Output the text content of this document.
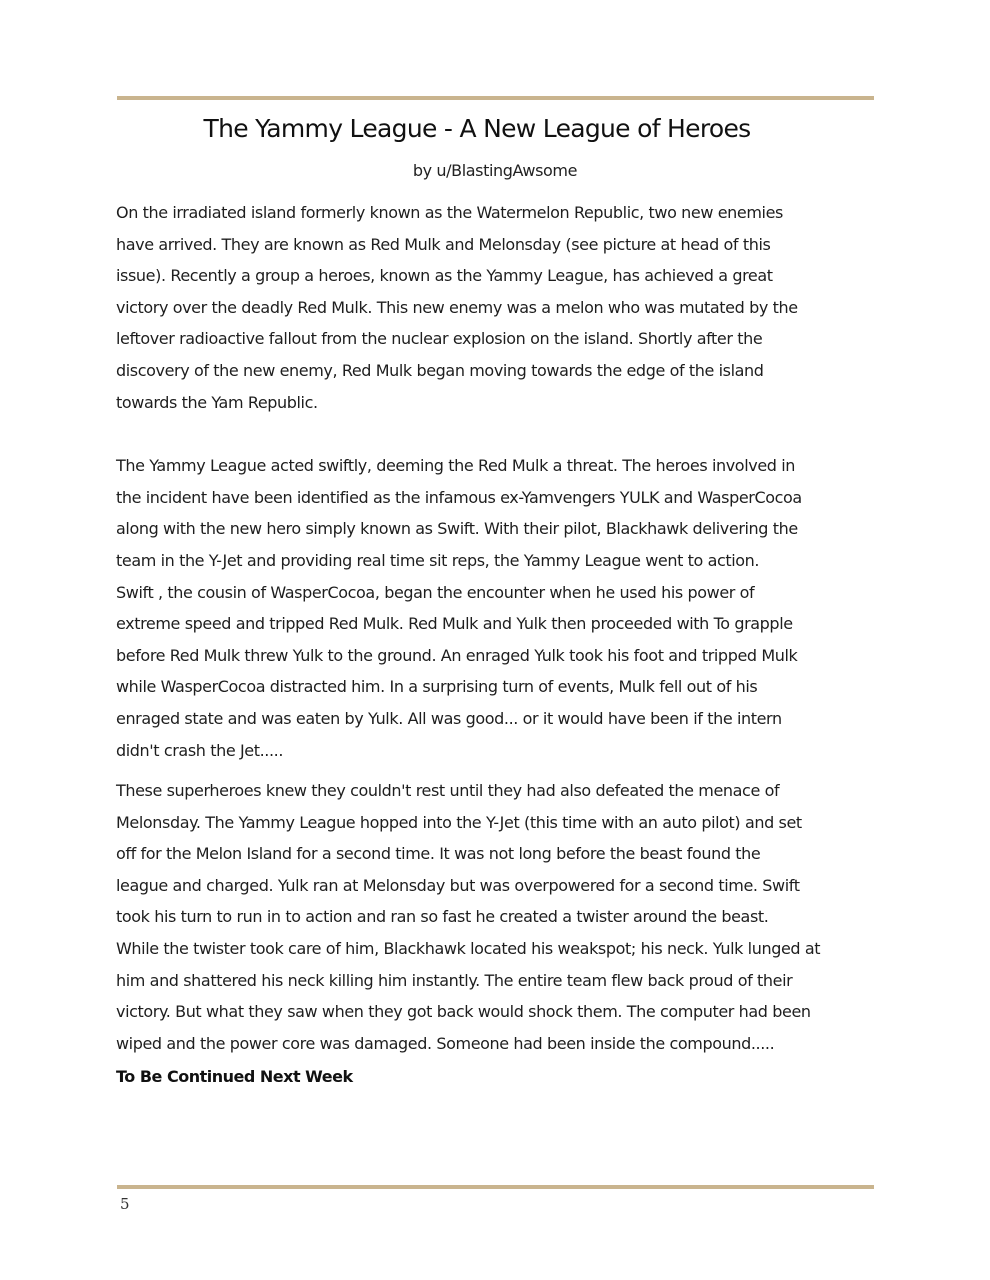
The Yammy League - A New League of Heroes

by u/BlastingAwsome

On the irradiated island formerly known as the Watermelon Republic, two new enemies
have arrived. They are known as Red Mulk and Melonsday (see picture at head of this
issue). Recently a group a heroes, known as the Yammy League, has achieved a great
victory over the deadly Red Mulk. This new enemy was a melon who was mutated by the
leftover radioactive fallout from the nuclear explosion on the island. Shortly after the
discovery of the new enemy, Red Mulk began moving towards the edge of the island
towards the Yam Republic.
The Yammy League acted swiftly, deeming the Red Mulk a threat. The heroes involved in
the incident have been identified as the infamous ex-Yamvengers YULK and WasperCocoa
along with the new hero simply known as Swift. With their pilot, Blackhawk delivering the
team in the Y-Jet and providing real time sit reps, the Yammy League went to action.
Swift , the cousin of WasperCocoa, began the encounter when he used his power of
extreme speed and tripped Red Mulk. Red Mulk and Yulk then proceeded with To grapple
before Red Mulk threw Yulk to the ground. An enraged Yulk took his foot and tripped Mulk
while WasperCocoa distracted him. In a surprising turn of events, Mulk fell out of his
enraged state and was eaten by Yulk. All was good... or it would have been if the intern
didn't crash the Jet.....
These superheroes knew they couldn't rest until they had also defeated the menace of
Melonsday. The Yammy League hopped into the Y-Jet (this time with an auto pilot) and set
off for the Melon Island for a second time. It was not long before the beast found the
league and charged. Yulk ran at Melonsday but was overpowered for a second time. Swift
took his turn to run in to action and ran so fast he created a twister around the beast.
While the twister took care of him, Blackhawk located his weakspot; his neck. Yulk lunged at
him and shattered his neck killing him instantly. The entire team flew back proud of their
victory. But what they saw when they got back would shock them. The computer had been
wiped and the power core was damaged. Someone had been inside the compound.....

To Be Continued Next Week

5
